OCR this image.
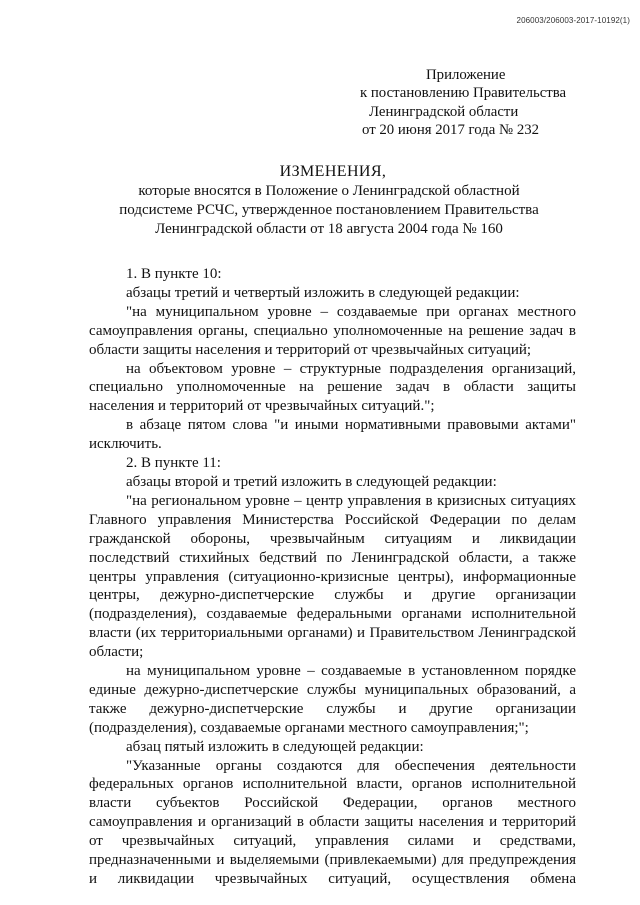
206003/206003-2017-10192(1)
Приложение
к постановлению Правительства
Ленинградской области
от 20 июня 2017 года № 232
ИЗМЕНЕНИЯ,
которые вносятся в Положение о Ленинградской областной
подсистеме РСЧС, утвержденное постановлением Правительства
Ленинградской области от 18 августа 2004 года № 160

1. В пункте 10:

абзацы третий и четвертый изложить в следующей редакции:

"на муниципальном уровне – создаваемые при органах местного самоуправления органы, специально уполномоченные на решение задач в области защиты населения и территорий от чрезвычайных ситуаций;

на объектовом уровне – структурные подразделения организаций, специально уполномоченные на решение задач в области защиты населения и территорий от чрезвычайных ситуаций.";

в абзаце пятом слова "и иными нормативными правовыми актами" исключить.

2. В пункте 11:

абзацы второй и третий изложить в следующей редакции:

"на региональном уровне – центр управления в кризисных ситуациях Главного управления Министерства Российской Федерации по делам гражданской обороны, чрезвычайным ситуациям и ликвидации последствий стихийных бедствий по Ленинградской области, а также центры управления (ситуационно-кризисные центры), информационные центры, дежурно-диспетчерские службы и другие организации (подразделения), создаваемые федеральными органами исполнительной власти (их территориальными органами) и Правительством Ленинградской области;

на муниципальном уровне – создаваемые в установленном порядке единые дежурно-диспетчерские службы муниципальных образований, а также дежурно-диспетчерские службы и другие организации (подразделения), создаваемые органами местного самоуправления;";

абзац пятый изложить в следующей редакции:

"Указанные органы создаются для обеспечения деятельности федеральных органов исполнительной власти, органов исполнительной власти субъектов Российской Федерации, органов местного самоуправления и организаций в области защиты населения и территорий от чрезвычайных ситуаций, управления силами и средствами, предназначенными и выделяемыми (привлекаемыми) для предупреждения и ликвидации чрезвычайных ситуаций, осуществления обмена
